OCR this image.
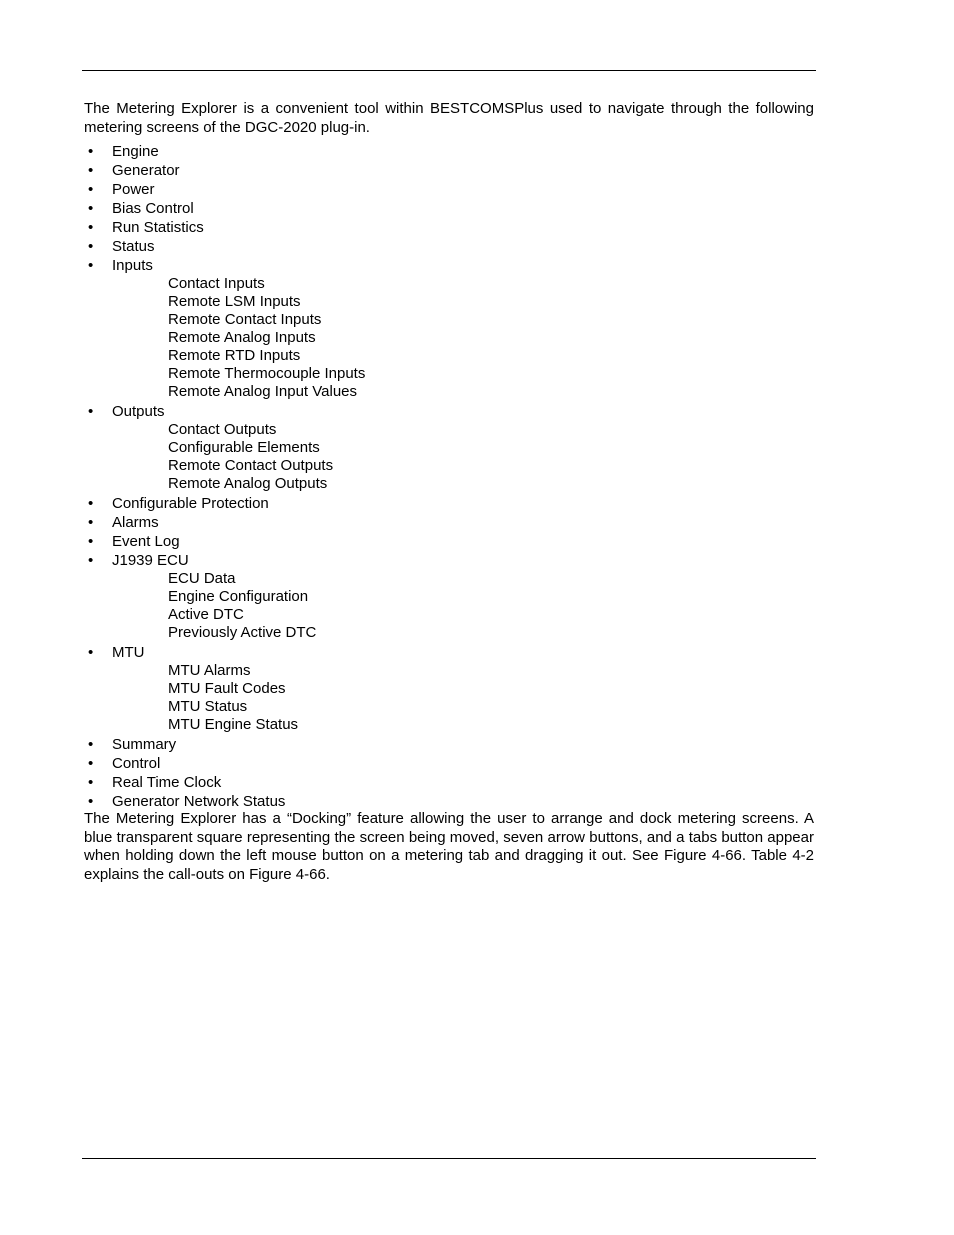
The Metering Explorer is a convenient tool within BESTCOMSPlus used to navigate through the following metering screens of the DGC-2020 plug-in.

• Engine
• Generator
• Power
• Bias Control
• Run Statistics
• Status
• Inputs
Contact Inputs
Remote LSM Inputs
Remote Contact Inputs
Remote Analog Inputs
Remote RTD Inputs
Remote Thermocouple Inputs
Remote Analog Input Values
• Outputs
Contact Outputs
Configurable Elements
Remote Contact Outputs
Remote Analog Outputs
• Configurable Protection
• Alarms
• Event Log
• J1939 ECU
ECU Data
Engine Configuration
Active DTC
Previously Active DTC
• MTU
MTU Alarms
MTU Fault Codes
MTU Status
MTU Engine Status
• Summary
• Control
• Real Time Clock
• Generator Network Status

The Metering Explorer has a “Docking” feature allowing the user to arrange and dock metering screens. A blue transparent square representing the screen being moved, seven arrow buttons, and a tabs button appear when holding down the left mouse button on a metering tab and dragging it out. See Figure 4-66. Table 4-2 explains the call-outs on Figure 4-66.
